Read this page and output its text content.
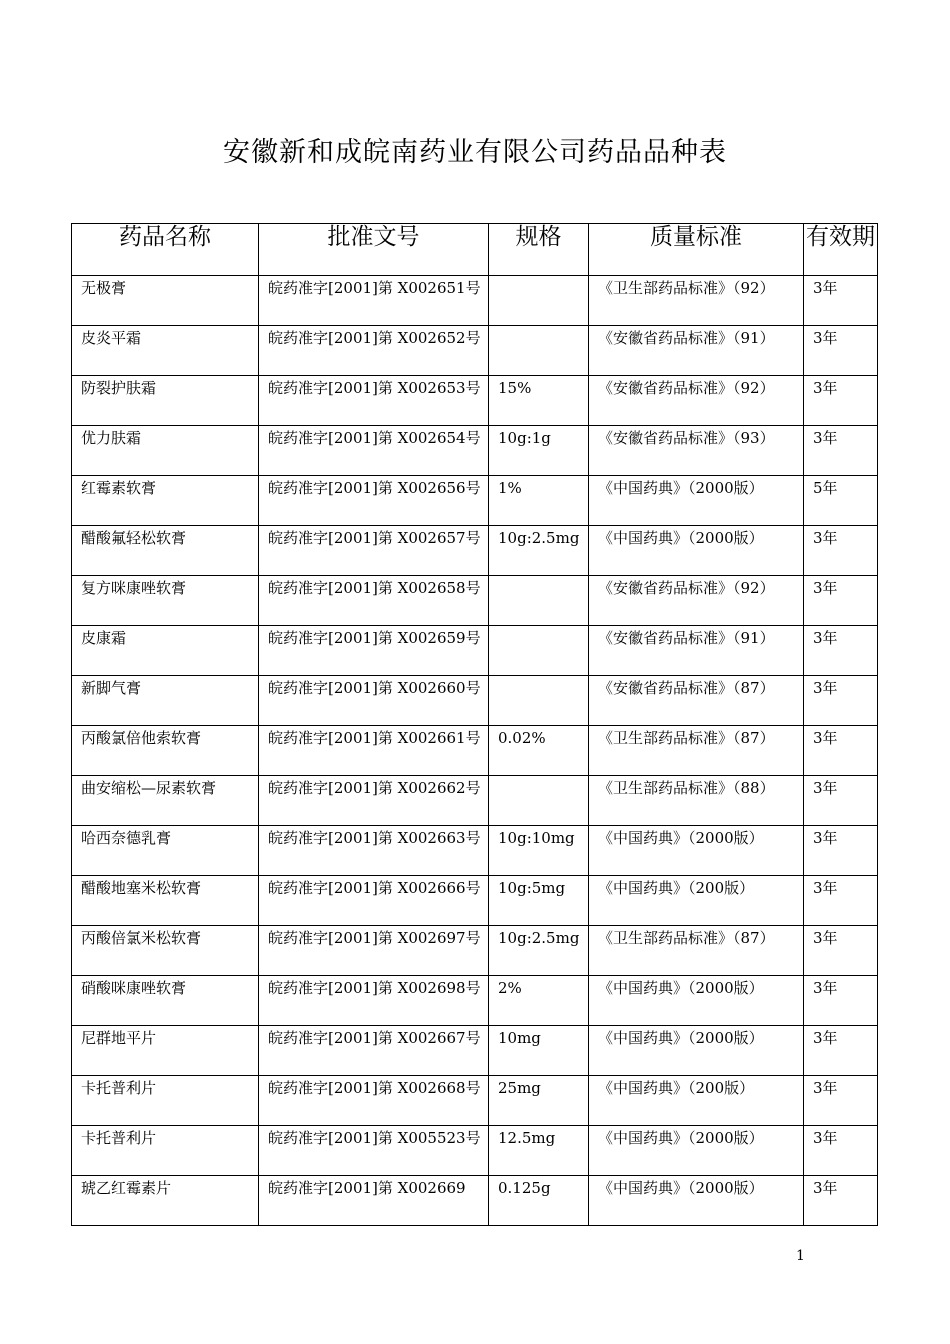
安徽新和成皖南药业有限公司药品品种表
药品名称	批准文号	规格	质量标准	有效期
无极膏	皖药准字[2001]第 X002651号		《卫生部药品标准》（92）	3年
皮炎平霜	皖药准字[2001]第 X002652号		《安徽省药品标准》（91）	3年
防裂护肤霜	皖药准字[2001]第 X002653号	15%	《安徽省药品标准》（92）	3年
优力肤霜	皖药准字[2001]第 X002654号	10g:1g	《安徽省药品标准》（93）	3年
红霉素软膏	皖药准字[2001]第 X002656号	1%	《中国药典》（2000版）	5年
醋酸氟轻松软膏	皖药准字[2001]第 X002657号	10g:2.5mg	《中国药典》（2000版）	3年
复方咪康唑软膏	皖药准字[2001]第 X002658号		《安徽省药品标准》（92）	3年
皮康霜	皖药准字[2001]第 X002659号		《安徽省药品标准》（91）	3年
新脚气膏	皖药准字[2001]第 X002660号		《安徽省药品标准》（87）	3年
丙酸氯倍他索软膏	皖药准字[2001]第 X002661号	0.02%	《卫生部药品标准》（87）	3年
曲安缩松—尿素软膏	皖药准字[2001]第 X002662号		《卫生部药品标准》（88）	3年
哈西奈德乳膏	皖药准字[2001]第 X002663号	10g:10mg	《中国药典》（2000版）	3年
醋酸地塞米松软膏	皖药准字[2001]第 X002666号	10g:5mg	《中国药典》（200版）	3年
丙酸倍氯米松软膏	皖药准字[2001]第 X002697号	10g:2.5mg	《卫生部药品标准》（87）	3年
硝酸咪康唑软膏	皖药准字[2001]第 X002698号	2%	《中国药典》（2000版）	3年
尼群地平片	皖药准字[2001]第 X002667号	10mg	《中国药典》（2000版）	3年
卡托普利片	皖药准字[2001]第 X002668号	25mg	《中国药典》（200版）	3年
卡托普利片	皖药准字[2001]第 X005523号	12.5mg	《中国药典》（2000版）	3年
琥乙红霉素片	皖药准字[2001]第 X002669	0.125g	《中国药典》（2000版）	3年
1
